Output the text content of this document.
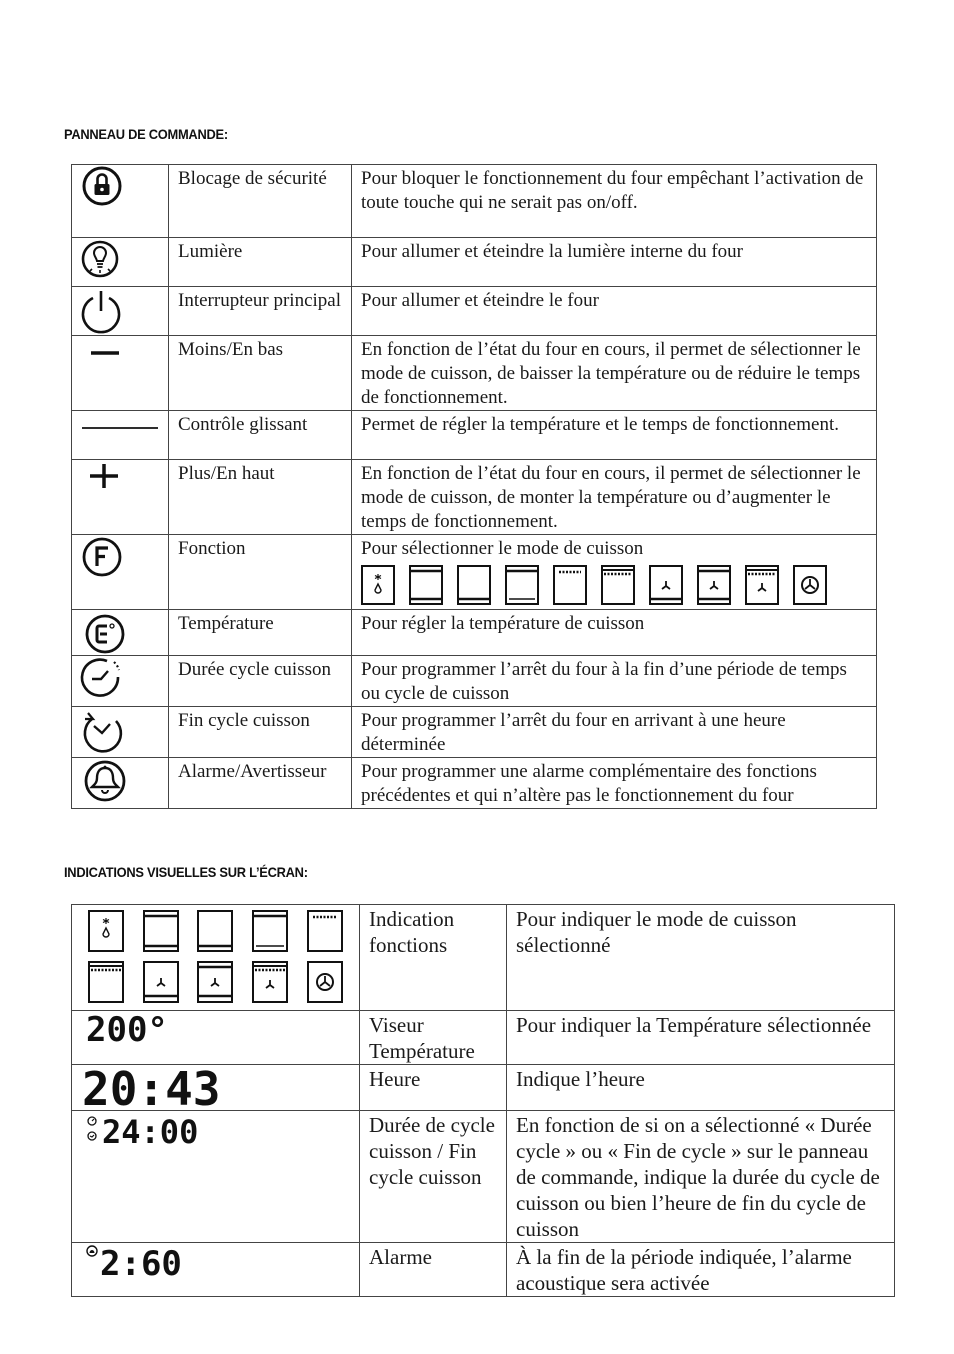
PANNEAU DE COMMANDE:
	Blocage de sécurité	Pour bloquer le fonctionnement du four empêchant l’activation de toute touche qui ne serait pas on/off.

	Lumière	Pour allumer et éteindre la lumière interne du four

	Interrupteur principal	Pour allumer et éteindre le four

	Moins/En bas	En fonction de l’état du four en cours, il permet de sélectionner le mode de cuisson, de baisser la température ou de réduire le temps de fonctionnement.

	Contrôle glissant	Permet de régler la température et le temps de fonctionnement.

	Plus/En haut	En fonction de l’état du four en cours, il permet de sélectionner le mode de cuisson, de monter la température ou d’augmenter le temps de fonctionnement.

	Fonction	Pour sélectionner le mode de cuisson

	Température	Pour régler la température de cuisson

	Durée cycle cuisson	Pour programmer l’arrêt du four à la fin d’une période de temps ou cycle de cuisson

	Fin cycle cuisson	Pour programmer l’arrêt du four en arrivant à une heure déterminée

	Alarme/Avertisseur	Pour programmer une alarme complémentaire des fonctions précédentes et qui n’altère pas le fonctionnement du four
INDICATIONS VISUELLES SUR L’ÉCRAN:
	Indication fonctions	Pour indiquer le mode de cuisson sélectionné

200°	Viseur Température	Pour indiquer la Température sélectionnée

20:43	Heure	Indique l’heure

24:00	Durée de cycle cuisson / Fin cycle cuisson	En fonction de si on a sélectionné « Durée cycle » ou « Fin de cycle » sur le panneau de commande, indique la durée du cycle de cuisson ou bien l’heure de fin du cycle de cuisson

2:60	Alarme	À la fin de la période indiquée, l’alarme acoustique sera activée
